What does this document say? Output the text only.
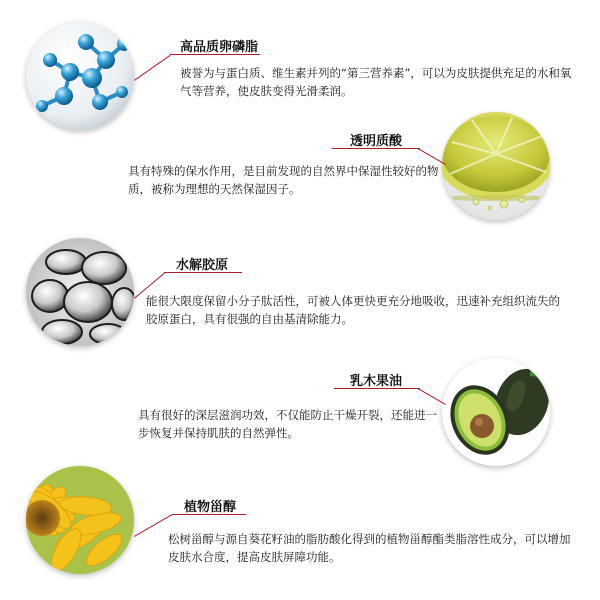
高品质卵磷脂
被誉为与蛋白质、维生素并列的“第三营养素”，可以为皮肤提供充足的水和氧气等营养，使皮肤变得光滑柔润。
透明质酸
具有特殊的保水作用，是目前发现的自然界中保湿性较好的物质，被称为理想的天然保湿因子。
水解胶原
能很大限度保留小分子肽活性，可被人体更快更充分地吸收，迅速补充组织流失的胶原蛋白，具有很强的自由基清除能力。
乳木果油
具有很好的深层滋润功效，不仅能防止干燥开裂，还能进一步恢复并保持肌肤的自然弹性。
植物甾醇
松树甾醇与源自葵花籽油的脂肪酸化得到的植物甾醇酯类脂溶性成分，可以增加皮肤水合度，提高皮肤屏障功能。
